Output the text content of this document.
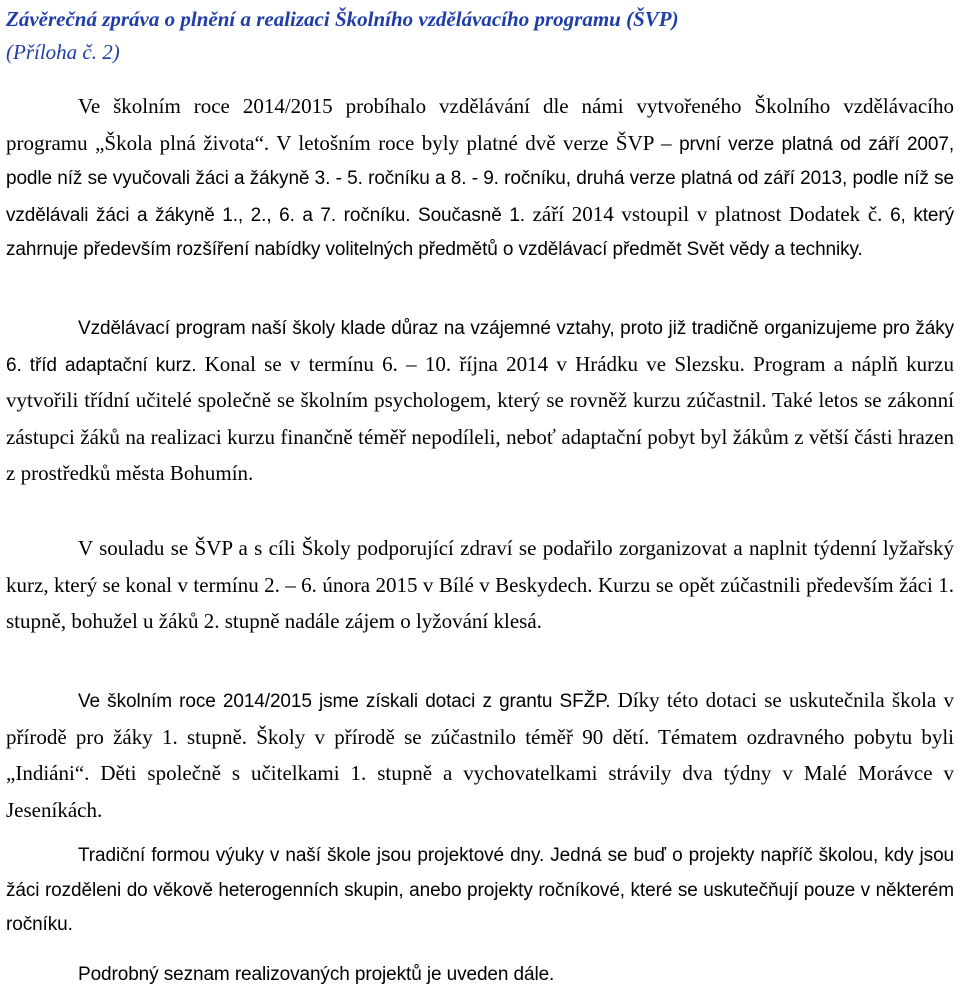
Závěrečná zpráva o plnění a realizaci Školního vzdělávacího programu (ŠVP)
(Příloha č. 2)

Ve školním roce 2014/2015 probíhalo vzdělávání dle námi vytvořeného Školního vzdělávacího programu „Škola plná života“. V letošním roce byly platné dvě verze ŠVP – první verze platná od září 2007, podle níž se vyučovali žáci a žákyně 3. - 5. ročníku a 8. - 9. ročníku, druhá verze platná od září 2013, podle níž se vzdělávali žáci a žákyně 1., 2., 6. a 7. ročníku. Současně 1. září 2014 vstoupil v platnost Dodatek č. 6, který zahrnuje především rozšíření nabídky volitelných předmětů o vzdělávací předmět Svět vědy a techniky.

Vzdělávací program naší školy klade důraz na vzájemné vztahy, proto již tradičně organizujeme pro žáky 6. tříd adaptační kurz. Konal se v termínu 6. – 10. října 2014 v Hrádku ve Slezsku. Program a náplň kurzu vytvořili třídní učitelé společně se školním psychologem, který se rovněž kurzu zúčastnil. Také letos se zákonní zástupci žáků na realizaci kurzu finančně téměř nepodíleli, neboť adaptační pobyt byl žákům z větší části hrazen z prostředků města Bohumín.

V souladu se ŠVP a s cíli Školy podporující zdraví se podařilo zorganizovat a naplnit týdenní lyžařský kurz, který se konal v termínu 2. – 6. února 2015 v Bílé v Beskydech. Kurzu se opět zúčastnili především žáci 1. stupně, bohužel u žáků 2. stupně nadále zájem o lyžování klesá.

Ve školním roce 2014/2015 jsme získali dotaci z grantu SFŽP. Díky této dotaci se uskutečnila škola v přírodě pro žáky 1. stupně. Školy v přírodě se zúčastnilo téměř 90 dětí. Tématem ozdravného pobytu byli „Indiáni“. Děti společně s učitelkami 1. stupně a vychovatelkami strávily dva týdny v Malé Morávce v Jeseníkách.

Tradiční formou výuky v naší škole jsou projektové dny. Jedná se buď o projekty napříč školou, kdy jsou žáci rozděleni do věkově heterogenních skupin, anebo projekty ročníkové, které se uskutečňují pouze v některém ročníku.

Podrobný seznam realizovaných projektů je uveden dále.
